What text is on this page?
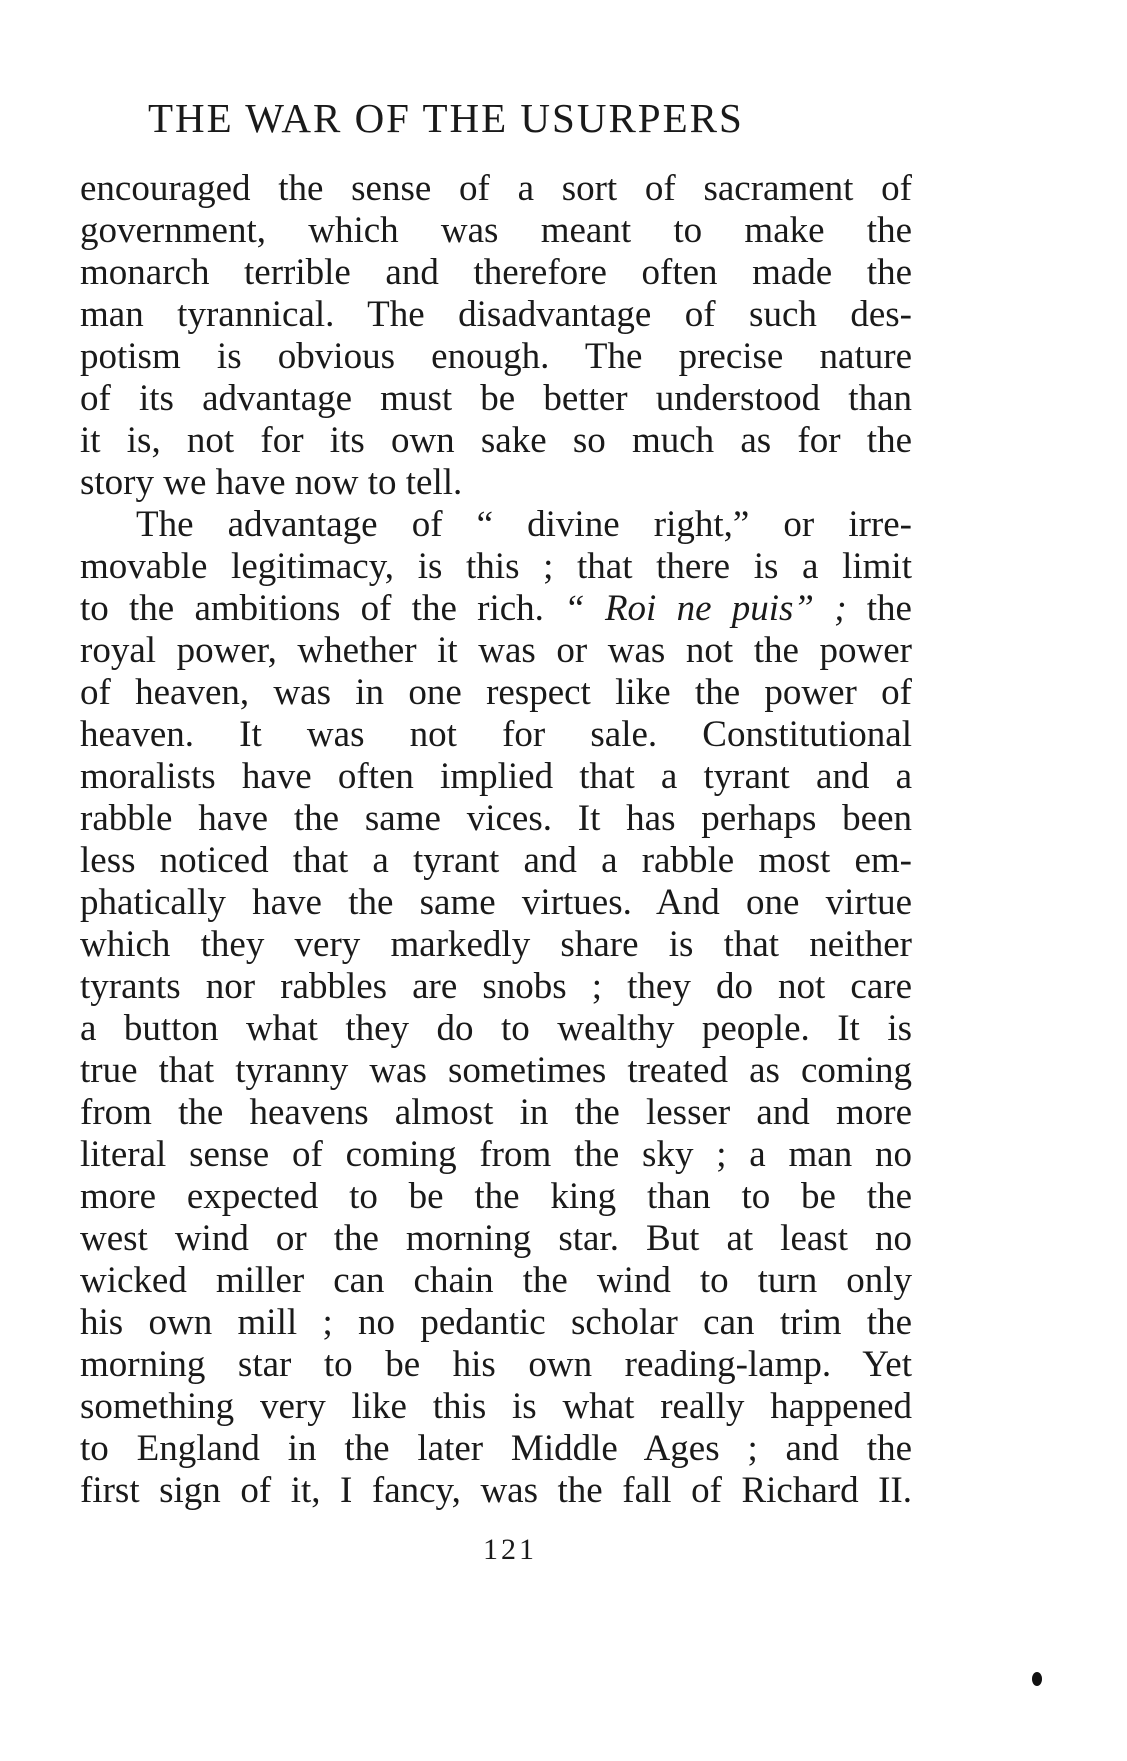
THE WAR OF THE USURPERS
encouraged the sense of a sort of sacrament of
government, which was meant to make the
monarch terrible and therefore often made the
man tyrannical. The disadvantage of such des-
potism is obvious enough. The precise nature
of its advantage must be better understood than
it is, not for its own sake so much as for the
story we have now to tell.
The advantage of “ divine right,” or irre-
movable legitimacy, is this ; that there is a limit
to the ambitions of the rich. “ Roi ne puis” ; the
royal power, whether it was or was not the power
of heaven, was in one respect like the power of
heaven. It was not for sale. Constitutional
moralists have often implied that a tyrant and a
rabble have the same vices. It has perhaps been
less noticed that a tyrant and a rabble most em-
phatically have the same virtues. And one virtue
which they very markedly share is that neither
tyrants nor rabbles are snobs ; they do not care
a button what they do to wealthy people. It is
true that tyranny was sometimes treated as coming
from the heavens almost in the lesser and more
literal sense of coming from the sky ; a man no
more expected to be the king than to be the
west wind or the morning star. But at least no
wicked miller can chain the wind to turn only
his own mill ; no pedantic scholar can trim the
morning star to be his own reading-lamp. Yet
something very like this is what really happened
to England in the later Middle Ages ; and the
first sign of it, I fancy, was the fall of Richard II.
121
